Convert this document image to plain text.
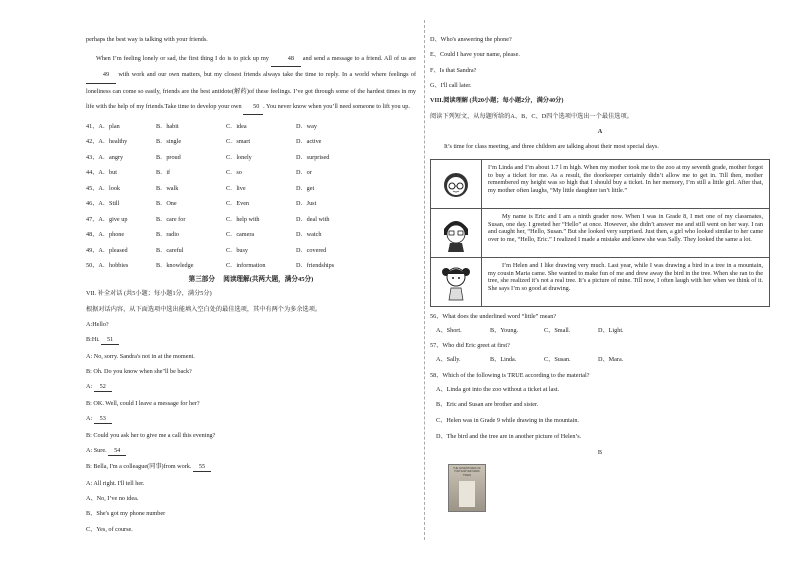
perhaps the best way is talking with your friends.

When I’m feeling lonely or sad, the first thing I do is to pick up my	48 and send a message to a friend. All of us are 49 with work and our own matters, but my closest friends always take the time to reply. In a world where feelings of loneliness can come so easily, friends are the best antidote(解药)of these feelings. I’ve got through some of the hardest times in my life with the help of my friends.Take time to develop your own 50 . You never know when you’ll need someone to lift you up.

41、A．plan	B．habit	C．idea	D．way
42、A．healthy	B．single	C．smart	D．active
43、A．angry	B．proud	C．lonely	D．surprised
44、A．but	B．if	C．so	D．or
45、A．look	B．walk	C．live	D．get
46、A．Still	B．One	C．Even	D．Just
47、A．give up	B．care for	C．help with	D．deal with
48、A．phone	B．radio	C．camera	D．watch
49、A．pleased	B．careful	C．busy	D．covered
50、A．hobbies	B．knowledge	C．information	D．friendships
第三部分　 阅读理解(共两大题，满分45分)

VII. 补全对话 (共5小题；每小题1分，满分5分)

根据对话内容，从下面选项中选出能填入空白处的最佳选项，其中有两个为多余选项。

A:Hello?

B:Hi. 51

A: No, sorry. Sandra's not in at the moment.

B: Oh. Do you know when she"ll be back?

A: 52

B: OK. Well, could I leave a message for her?

A: 53

B: Could you ask her to give me a call this evening?

A: Sure. 54

B: Bella, I'm a colleague(同事)from work. 55

A: All right. I'll tell her.

A、No, I’ve no idea.

B、She's got my phone number

C、Yes, of course.

D、Who's answering the phone?

E、Could I have your name, please.

F、Is that Sandra?

G、I'll call later.

VIII.阅读理解 (共20小题；每小题2分，满分40分)

阅读下列短文，从每题所给的A、B、C、D四个选项中选出一个最佳选项。

A

It’s time for class meeting, and three children are talking about their most special days.

I’m Linda and I’m about 1.7 l m high. When my mother took me to the zoo at my seventh grade, mother forgot to buy a ticket for me. As a result, the doorkeeper certainly didn’t allow me to get in. Till then, mother remembered my height was so high that I should buy a ticket. In her memory, I’m still a little girl. After that, my mother often laughs, “My little daughter isn’t little.”
My name is Eric and I am a ninth grader now. When I was in Grade 8, I met one of my classmates, Susan, one day. I greeted her “Hello” at once. However, she didn’t answer me and still went on her way. I ran and caught her, “Hello, Susan.” But she looked very surprised. Just then, a girl who looked similar to her came over to me, “Hello, Eric.” I realized I made a mistake and knew she was Sally. They looked the same a lot.
I’m Helen and I like drawing very much. Last year, while I was drawing a bird in a tree in a mountain, my cousin Maria came. She wanted to make fun of me and drew away the bird in the tree. When she ran to the tree, she realized it’s not a real tree. It’s a picture of mine. Till now, I often laugh with her when we think of it. She says I’m so good at drawing.

56、What does the underlined word “little” mean?

A、Short.	B、Young.	C、Small.	D、Light.

57、Who did Eric greet at first?

A、Sally.	B、Linda.	C、Susan.	D、Mara.

58、Which of the following is TRUE according to the material?

A、Linda got into the zoo without a ticket at last.

B、Eric and Susan are brother and sister.

C、Helen was in Grade 9 while drawing in the mountain.

D、The bird and the tree are in another picture of Helen’s.

B

THE ADVENTURES OF TOM SAWYER MARK TWAIN
